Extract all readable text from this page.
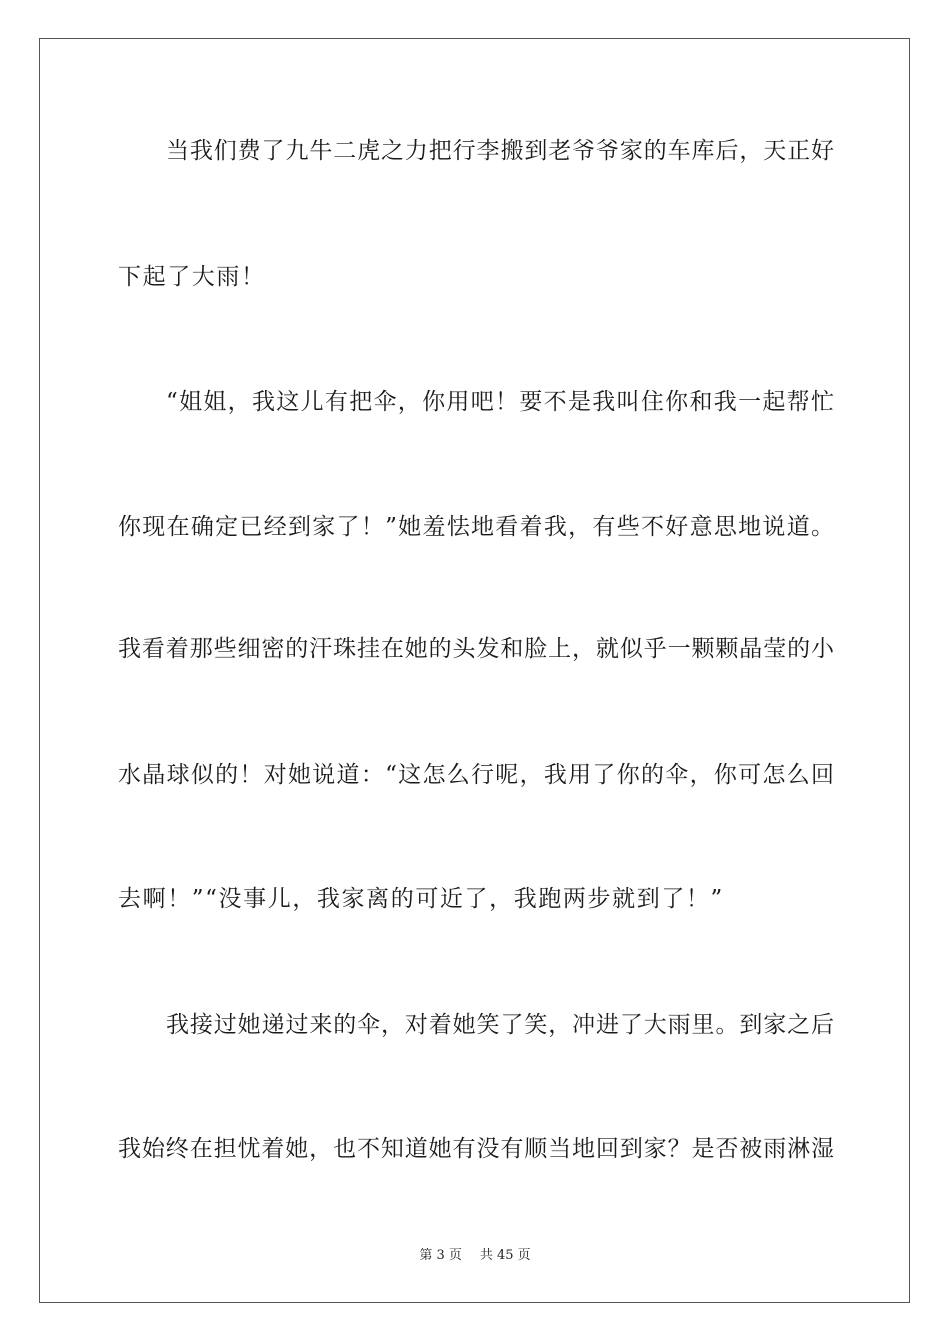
当我们费了九牛二虎之力把行李搬到老爷爷家的车库后，天正好
下起了大雨！
“姐姐，我这儿有把伞，你用吧！要不是我叫住你和我一起帮忙
你现在确定已经到家了！”她羞怯地看着我，有些不好意思地说道。
我看着那些细密的汗珠挂在她的头发和脸上，就似乎一颗颗晶莹的小
水晶球似的！对她说道：“这怎么行呢，我用了你的伞，你可怎么回
去啊！”“没事儿，我家离的可近了，我跑两步就到了！”
我接过她递过来的伞，对着她笑了笑，冲进了大雨里。到家之后
我始终在担忧着她，也不知道她有没有顺当地回到家？是否被雨淋湿
第 3 页 共 45 页
